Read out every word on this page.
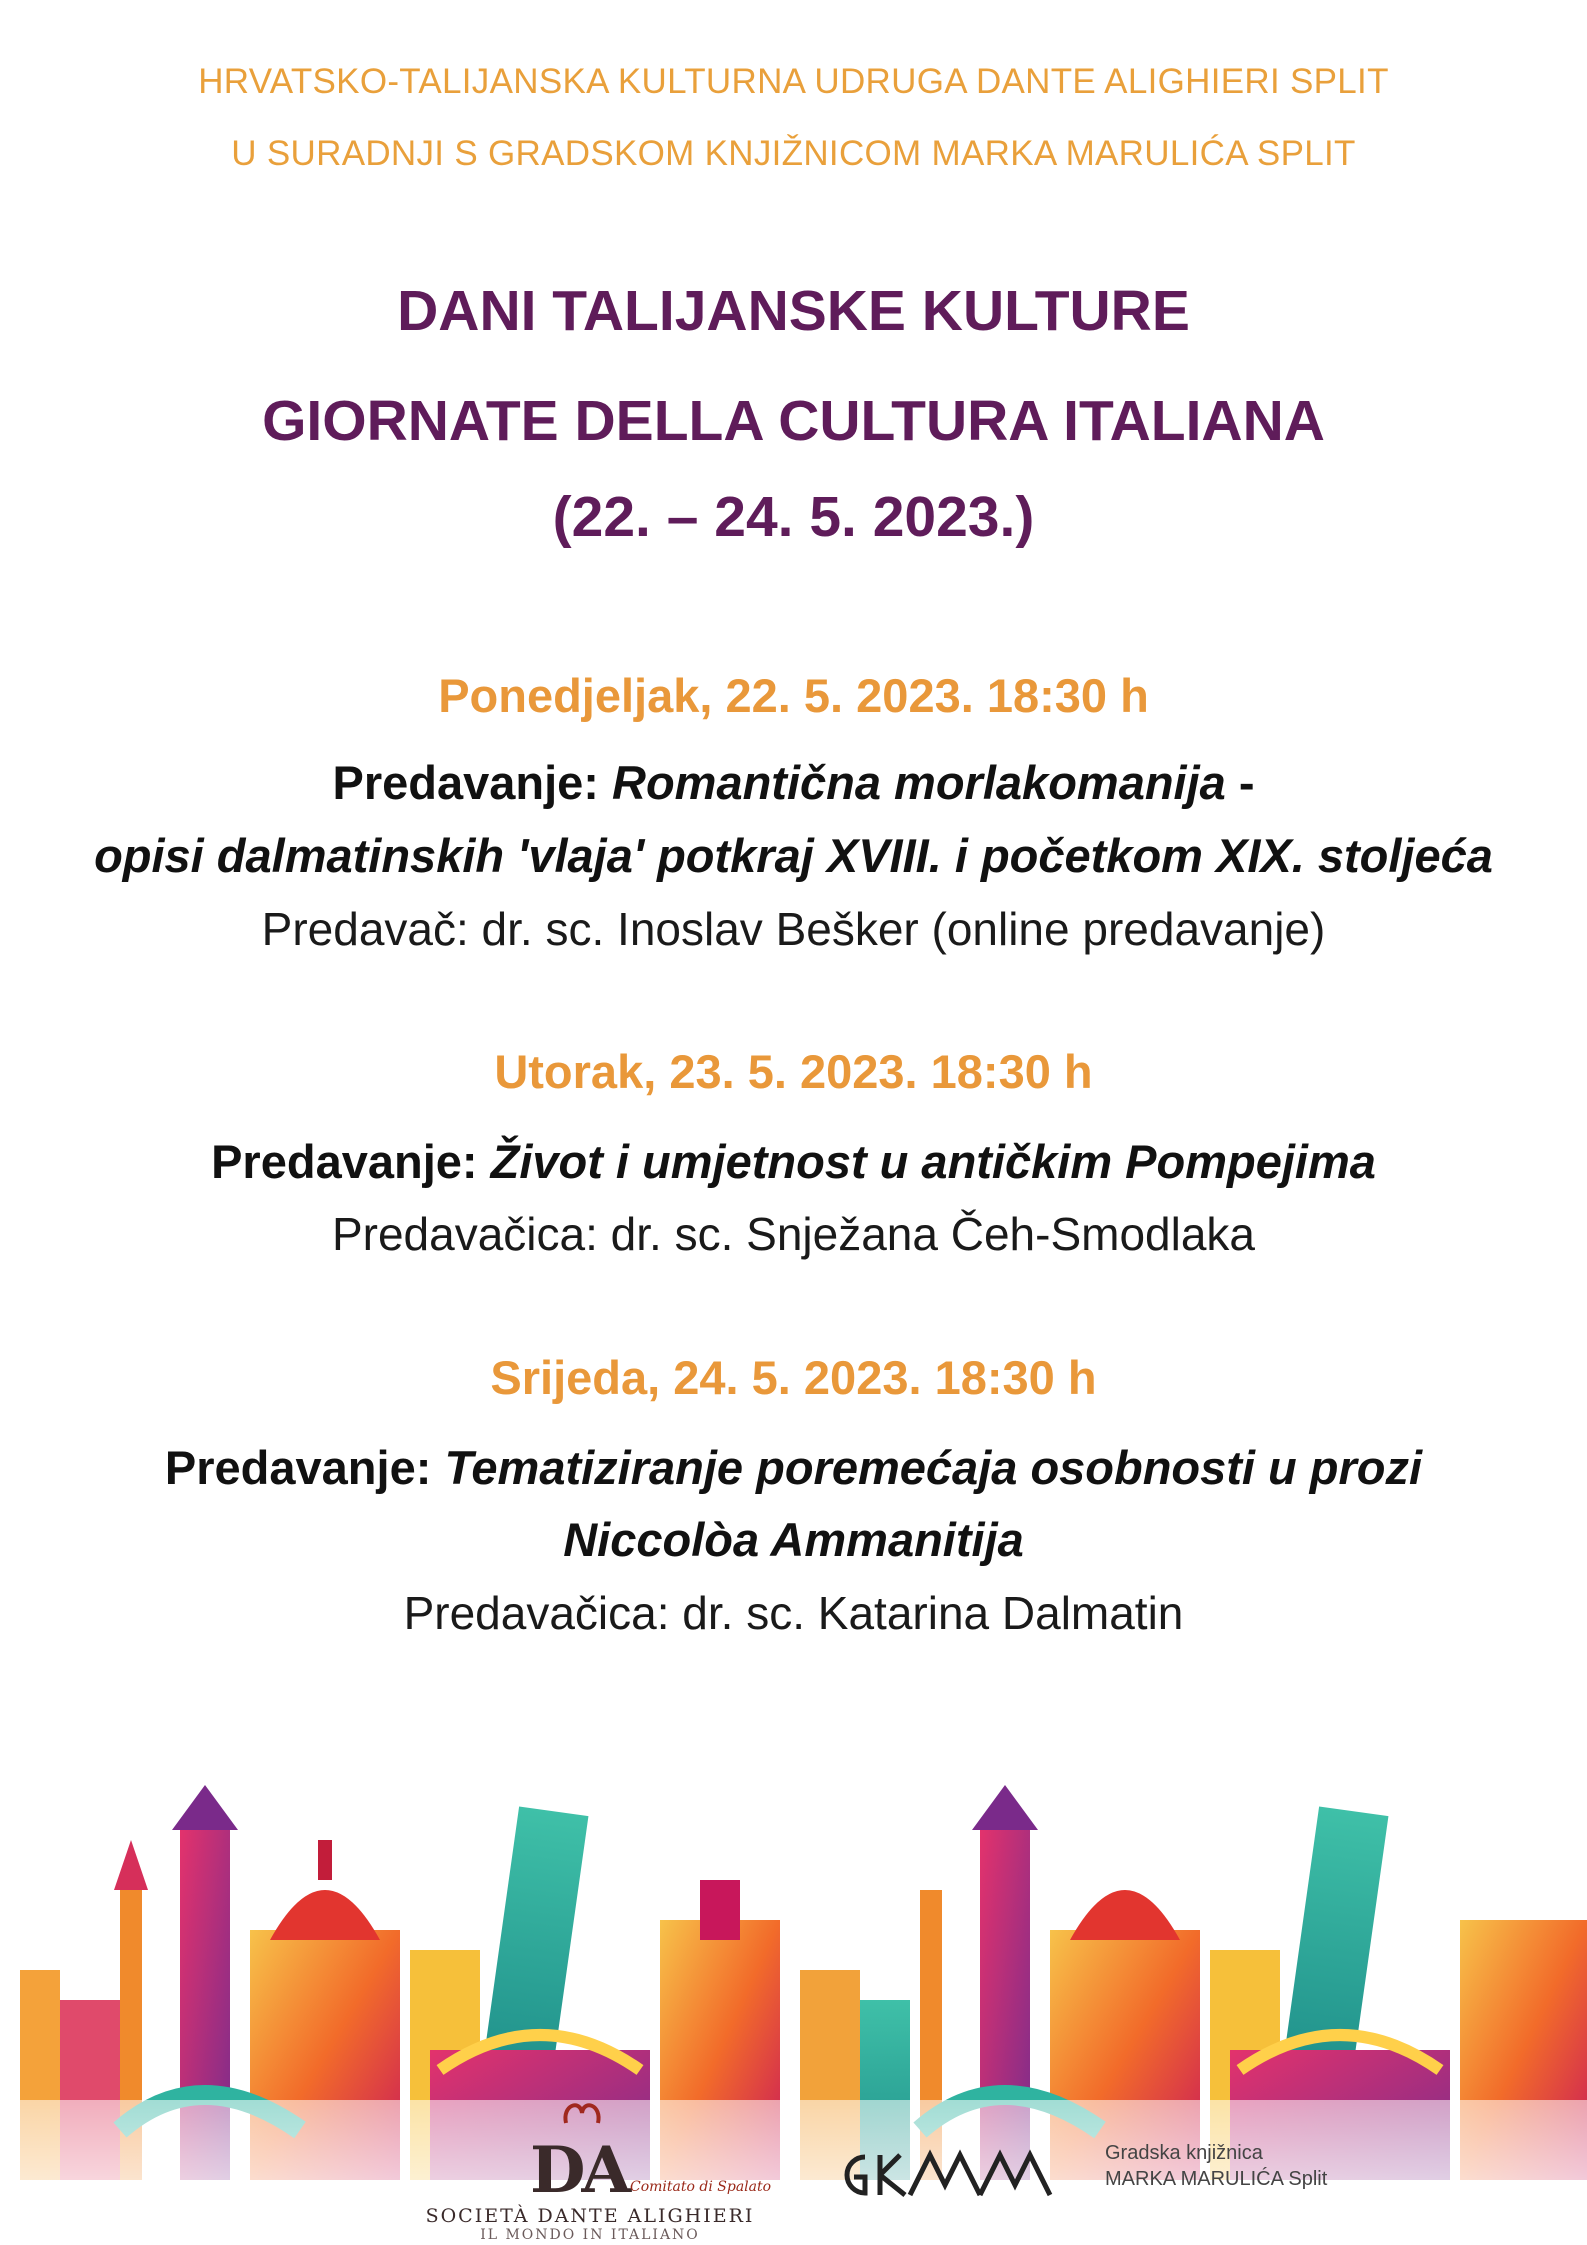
HRVATSKO-TALIJANSKA KULTURNA UDRUGA DANTE ALIGHIERI SPLIT
U SURADNJI S GRADSKOM KNJIŽNICOM MARKA MARULIĆA SPLIT
DANI TALIJANSKE KULTURE
GIORNATE DELLA CULTURA ITALIANA
(22. – 24. 5. 2023.)
Ponedjeljak, 22. 5. 2023. 18:30 h
Predavanje: Romantična morlakomanija -
opisi dalmatinskih 'vlaja' potkraj XVIII. i početkom XIX. stoljeća
Predavač: dr. sc. Inoslav Bešker (online predavanje)
Utorak, 23. 5. 2023. 18:30 h
Predavanje: Život i umjetnost u antičkim Pompejima
Predavačica: dr. sc. Snježana Čeh-Smodlaka
Srijeda, 24. 5. 2023. 18:30 h
Predavanje: Tematiziranje poremećaja osobnosti u prozi
Niccolòa Ammanitija
Predavačica: dr. sc. Katarina Dalmatin
DA Comitato di Spalato
SOCIETÀ DANTE ALIGHIERI
IL MONDO IN ITALIANO
Gradska knjižnica
MARKA MARULIĆA Split
